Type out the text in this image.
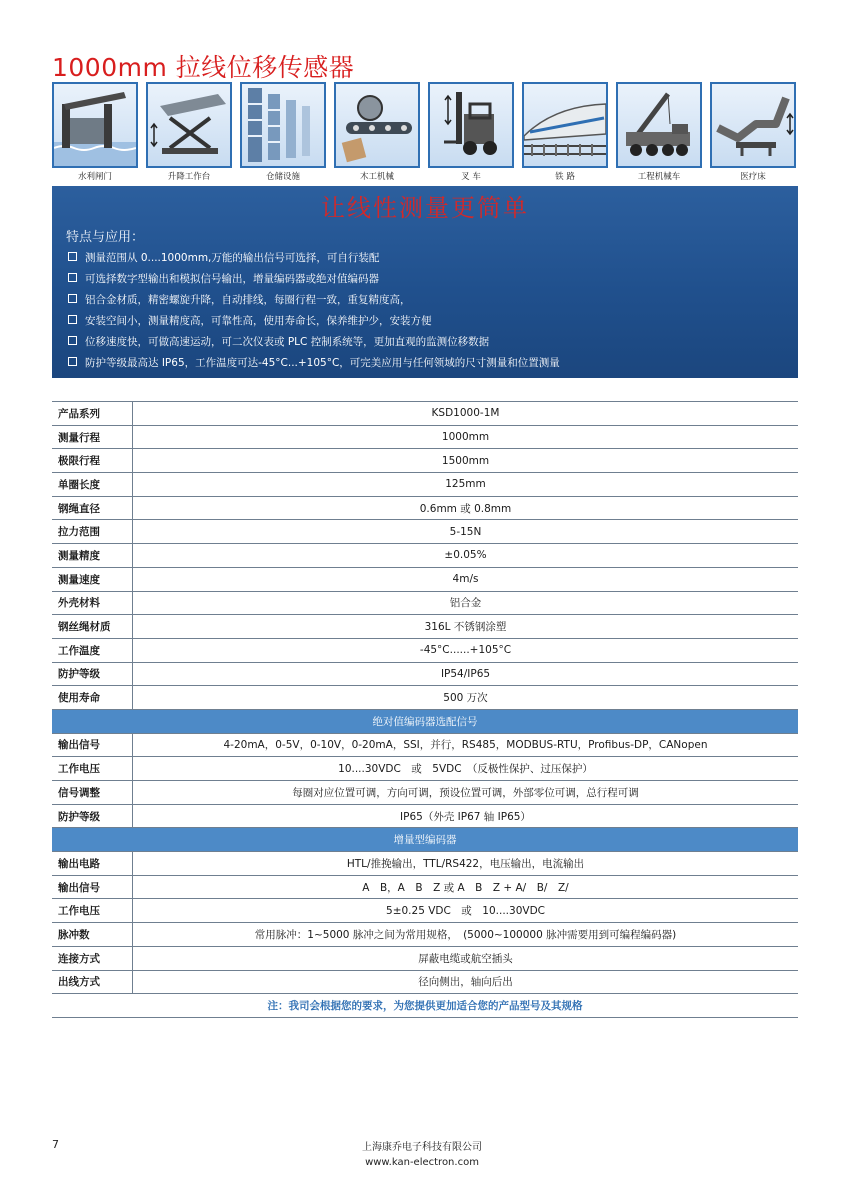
1000mm 拉线位移传感器
水利闸门	升降工作台	仓储设施	木工机械	叉 车	铁 路	工程机械车	医疗床
让线性测量更简单
特点与应用：
测量范围从 0....1000mm,万能的输出信号可选择，可自行装配
可选择数字型输出和模拟信号输出，增量编码器或绝对值编码器
铝合金材质，精密螺旋升降，自动排线，每圈行程一致，重复精度高，
安装空间小，测量精度高，可靠性高，使用寿命长，保养维护少，安装方便
位移速度快，可做高速运动，可二次仪表或 PLC 控制系统等，更加直观的监测位移数据
防护等级最高达 IP65，工作温度可达-45°C...+105°C，可完美应用与任何领域的尺寸测量和位置测量
产品系列	KSD1000-1M
测量行程	1000mm
极限行程	1500mm
单圈长度	125mm
钢绳直径	0.6mm 或 0.8mm
拉力范围	5-15N
测量精度	±0.05%
测量速度	4m/s
外壳材料	铝合金
钢丝绳材质	316L 不锈钢涂塑
工作温度	-45°C......+105°C
防护等级	IP54/IP65
使用寿命	500 万次
绝对值编码器选配信号	
输出信号	4-20mA，0-5V，0-10V，0-20mA，SSI，并行，RS485，MODBUS-RTU，Profibus-DP，CANopen
工作电压	10....30VDC　或　5VDC　（反极性保护、过压保护）
信号调整	每圈对应位置可调，方向可调，预设位置可调，外部零位可调，总行程可调
防护等级	IP65（外壳 IP67 轴 IP65）
增量型编码器	
输出电路	HTL/推挽输出，TTL/RS422，电压输出，电流输出
输出信号	A　B，A　B　Z 或 A　B　Z + A/　B/　Z/
工作电压	5±0.25 VDC　或　10....30VDC
脉冲数	常用脉冲：1~5000 脉冲之间为常用规格，　(5000~100000 脉冲需要用到可编程编码器)
连接方式	屏蔽电缆或航空插头
出线方式	径向侧出，轴向后出
注：我司会根据您的要求，为您提供更加适合您的产品型号及其规格	
7	上海康乔电子科技有限公司
www.kan-electron.com
